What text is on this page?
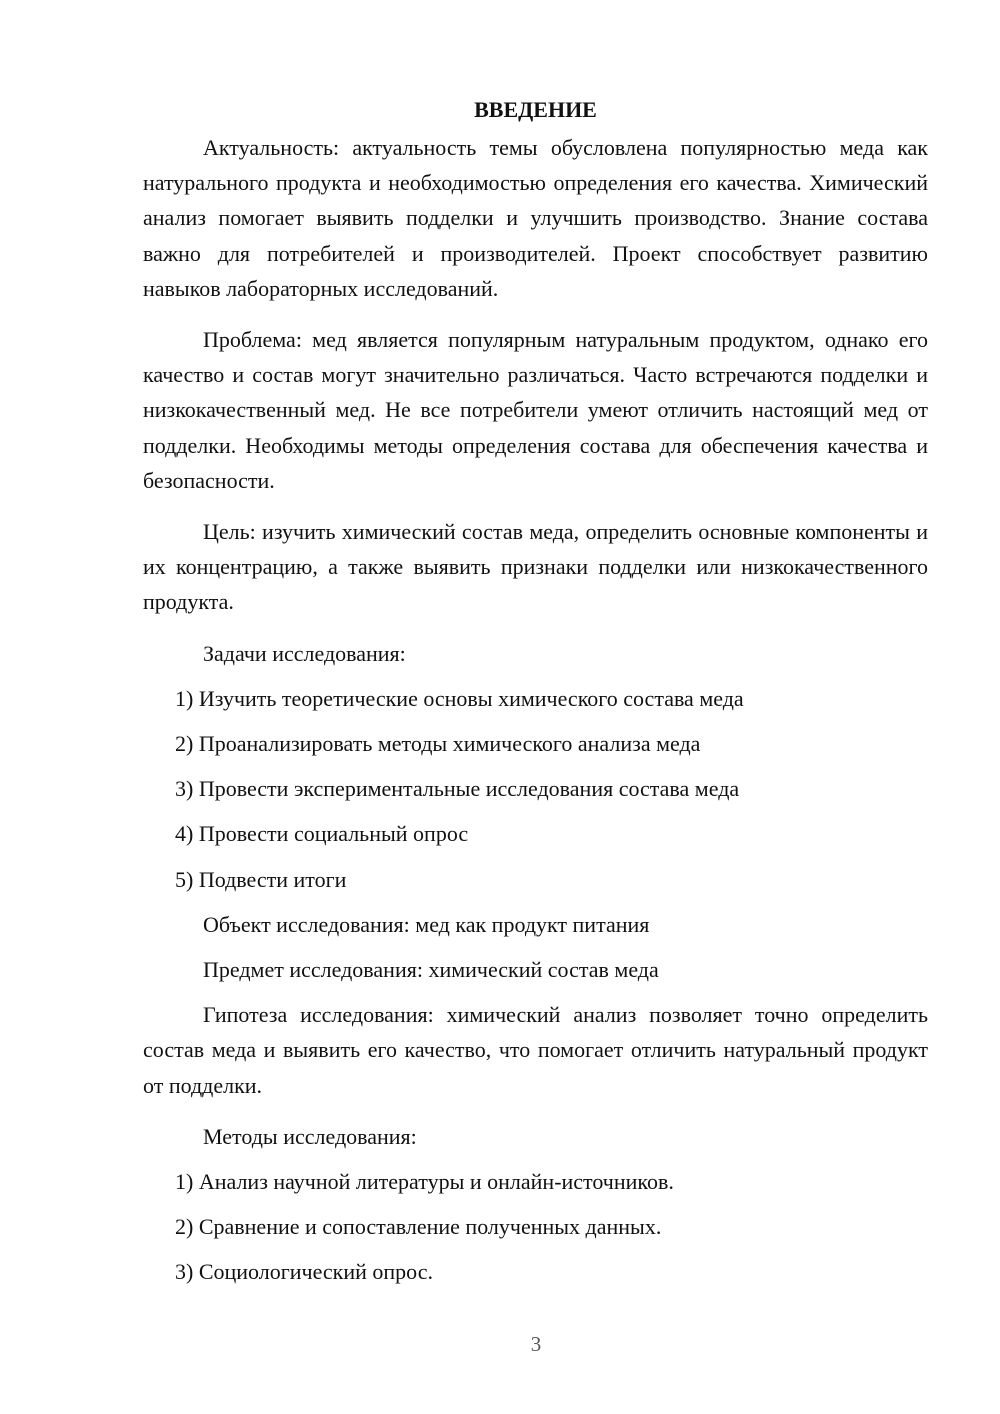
ВВЕДЕНИЕ

Актуальность: актуальность темы обусловлена популярностью меда как натурального продукта и необходимостью определения его качества. Химический анализ помогает выявить подделки и улучшить производство. Знание состава важно для потребителей и производителей. Проект способствует развитию навыков лабораторных исследований.

Проблема: мед является популярным натуральным продуктом, однако его качество и состав могут значительно различаться. Часто встречаются подделки и низкокачественный мед. Не все потребители умеют отличить настоящий мед от подделки. Необходимы методы определения состава для обеспечения качества и безопасности.

Цель: изучить химический состав меда, определить основные компоненты и их концентрацию, а также выявить признаки подделки или низкокачественного продукта.

Задачи исследования:
1) Изучить теоретические основы химического состава меда
2) Проанализировать методы химического анализа меда
3) Провести экспериментальные исследования состава меда
4) Провести социальный опрос
5) Подвести итоги
Объект исследования: мед как продукт питания
Предмет исследования: химический состав меда

Гипотеза исследования: химический анализ позволяет точно определить состав меда и выявить его качество, что помогает отличить натуральный продукт от подделки.

Методы исследования:
1) Анализ научной литературы и онлайн-источников.
2) Сравнение и сопоставление полученных данных.
3) Социологический опрос.
3
